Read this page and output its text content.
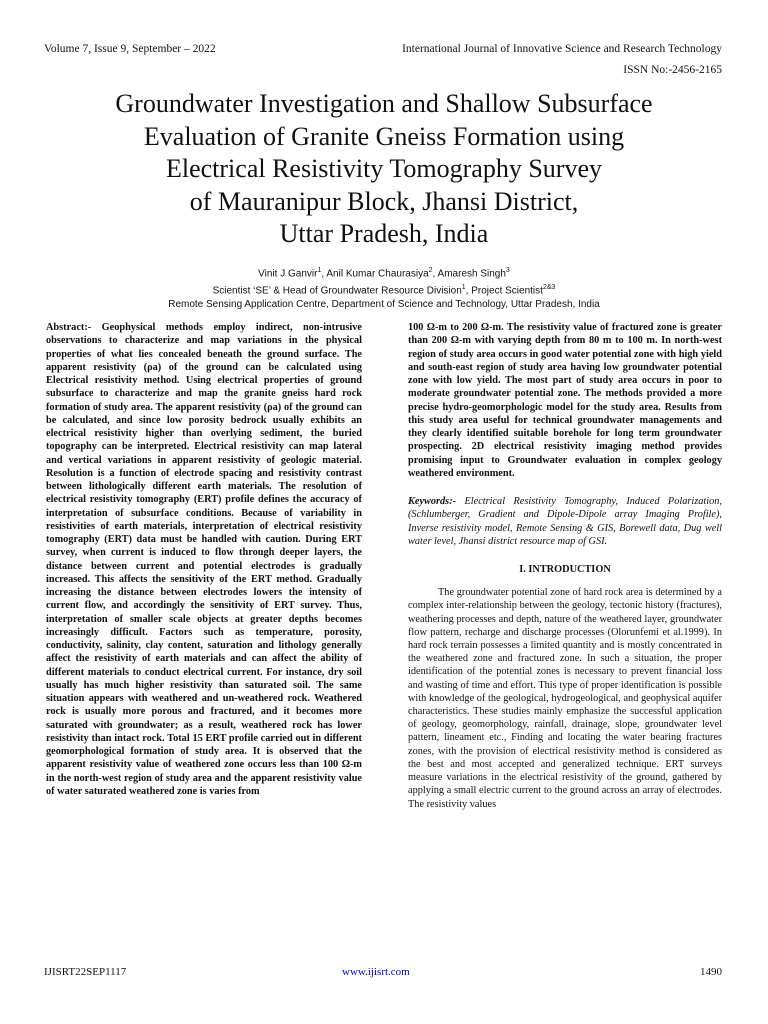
Volume 7, Issue 9, September – 2022	International Journal of Innovative Science and Research Technology
ISSN No:-2456-2165
Groundwater Investigation and Shallow Subsurface
Evaluation of Granite Gneiss Formation using
Electrical Resistivity Tomography Survey
of Mauranipur Block, Jhansi District,
Uttar Pradesh, India
Vinit J Ganvir$^1$, Anil Kumar Chaurasiya$^2$, Amaresh Singh$^3$
Scientist ‘SE’ & Head of Groundwater Resource Division$^1$, Project Scientist$^{2\&3}$
Remote Sensing Application Centre, Department of Science and Technology, Uttar Pradesh, India

Abstract:- Geophysical methods employ indirect, non-intrusive observations to characterize and map variations in the physical properties of what lies concealed beneath the ground surface. The apparent resistivity (ρa) of the ground can be calculated using Electrical resistivity method. Using electrical properties of ground subsurface to characterize and map the granite gneiss hard rock formation of study area. The apparent resistivity (ρa) of the ground can be calculated, and since low porosity bedrock usually exhibits an electrical resistivity higher than overlying sediment, the buried topography can be interpreted. Electrical resistivity can map lateral and vertical variations in apparent resistivity of geologic material. Resolution is a function of electrode spacing and resistivity contrast between lithologically different earth materials. The resolution of electrical resistivity tomography (ERT) profile defines the accuracy of interpretation of subsurface conditions. Because of variability in resistivities of earth materials, interpretation of electrical resistivity tomography (ERT) data must be handled with caution. During ERT survey, when current is induced to flow through deeper layers, the distance between current and potential electrodes is gradually increased. This affects the sensitivity of the ERT method. Gradually increasing the distance between electrodes lowers the intensity of current flow, and accordingly the sensitivity of ERT survey. Thus, interpretation of smaller scale objects at greater depths becomes increasingly difficult. Factors such as temperature, porosity, conductivity, salinity, clay content, saturation and lithology generally affect the resistivity of earth materials and can affect the ability of different materials to conduct electrical current. For instance, dry soil usually has much higher resistivity than saturated soil. The same situation appears with weathered and un-weathered rock. Weathered rock is usually more porous and fractured, and it becomes more saturated with groundwater; as a result, weathered rock has lower resistivity than intact rock. Total 15 ERT profile carried out in different geomorphological formation of study area. It is observed that the apparent resistivity value of weathered zone occurs less than 100 Ω-m in the north-west region of study area and the apparent resistivity value of water saturated weathered zone is varies from

100 Ω-m to 200 Ω-m. The resistivity value of fractured zone is greater than 200 Ω-m with varying depth from 80 m to 100 m. In north-west region of study area occurs in good water potential zone with high yield and south-east region of study area having low groundwater potential zone with low yield. The most part of study area occurs in poor to moderate groundwater potential zone. The methods provided a more precise hydro-geomorphologic model for the study area. Results from this study area useful for technical groundwater managements and they clearly identified suitable borehole for long term groundwater prospecting. 2D electrical resistivity imaging method provides promising input to Groundwater evaluation in complex geology weathered environment.

Keywords:- Electrical Resistivity Tomography, Induced Polarization, (Schlumberger, Gradient and Dipole-Dipole array Imaging Profile), Inverse resistivity model, Remote Sensing & GIS, Borewell data, Dug well water level, Jhansi district resource map of GSI.

I. INTRODUCTION

The groundwater potential zone of hard rock area is determined by a complex inter-relationship between the geology, tectonic history (fractures), weathering processes and depth, nature of the weathered layer, groundwater flow pattern, recharge and discharge processes (Olorunfemi et al.1999). In hard rock terrain possesses a limited quantity and is mostly concentrated in the weathered zone and fractured zone. In such a situation, the proper identification of the potential zones is necessary to prevent financial loss and wasting of time and effort. This type of proper identification is possible with knowledge of the geological, hydrogeological, and geophysical aquifer characteristics. These studies mainly emphasize the successful application of geology, geomorphology, rainfall, drainage, slope, groundwater level pattern, lineament etc., Finding and locating the water bearing fractures zones, with the provision of electrical resistivity method is considered as the best and most accepted and generalized technique. ERT surveys measure variations in the electrical resistivity of the ground, gathered by applying a small electric current to the ground across an array of electrodes. The resistivity values

IJISRT22SEP1117	www.ijisrt.com	1490
